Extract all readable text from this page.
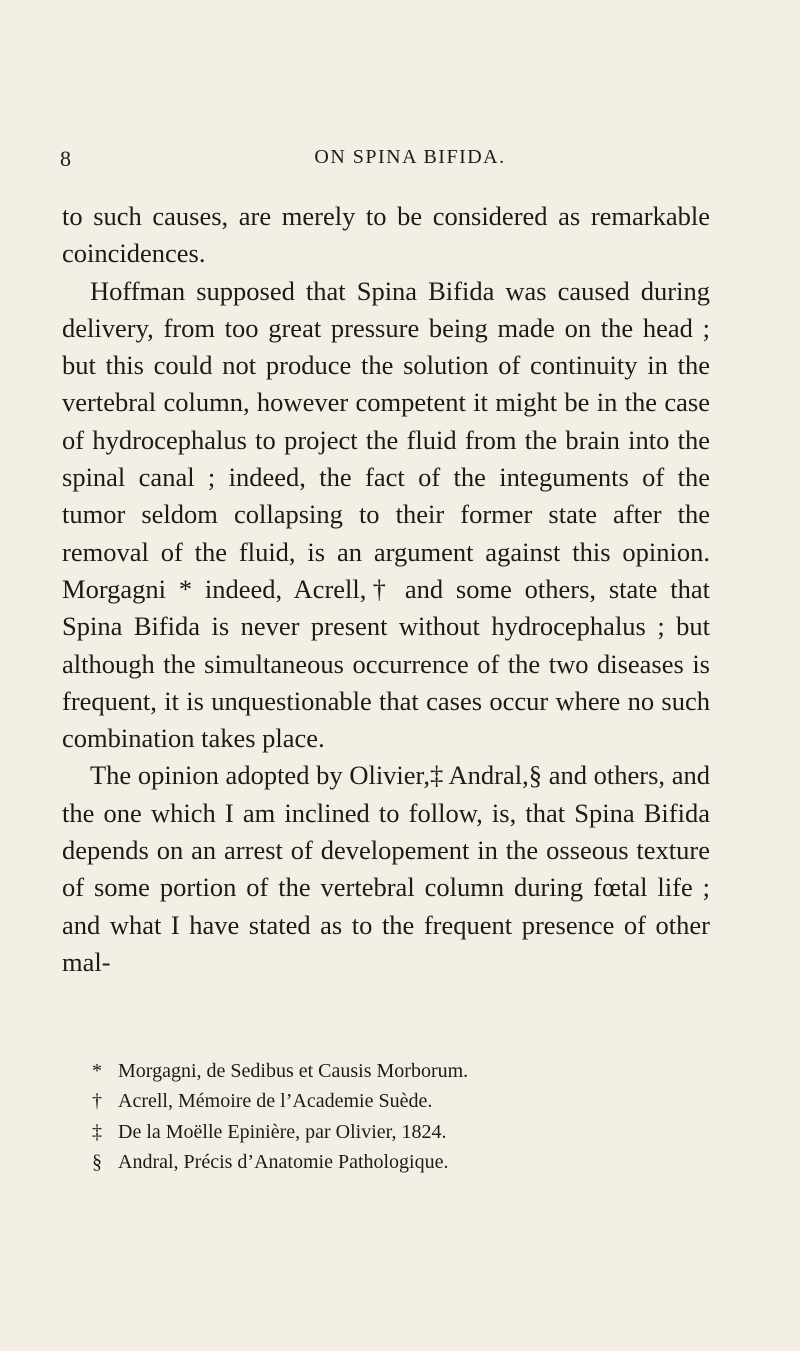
8	ON SPINA BIFIDA.

to such causes, are merely to be considered as remarkable coincidences.

Hoffman supposed that Spina Bifida was caused during delivery, from too great pressure being made on the head ; but this could not produce the solution of continuity in the vertebral column, however competent it might be in the case of hydrocephalus to project the fluid from the brain into the spinal canal ; indeed, the fact of the integuments of the tumor seldom collapsing to their former state after the removal of the fluid, is an argument against this opinion. Morgagni * indeed, Acrell,† and some others, state that Spina Bifida is never present without hydrocephalus ; but although the simultaneous occurrence of the two diseases is frequent, it is unquestionable that cases occur where no such combination takes place.

The opinion adopted by Olivier,‡ Andral,§ and others, and the one which I am inclined to follow, is, that Spina Bifida depends on an arrest of developement in the osseous texture of some portion of the vertebral column during fœtal life ; and what I have stated as to the frequent presence of other mal-

* Morgagni, de Sedibus et Causis Morborum.
† Acrell, Mémoire de l’Academie Suède.
‡ De la Moëlle Epinière, par Olivier, 1824.
§ Andral, Précis d’Anatomie Pathologique.
